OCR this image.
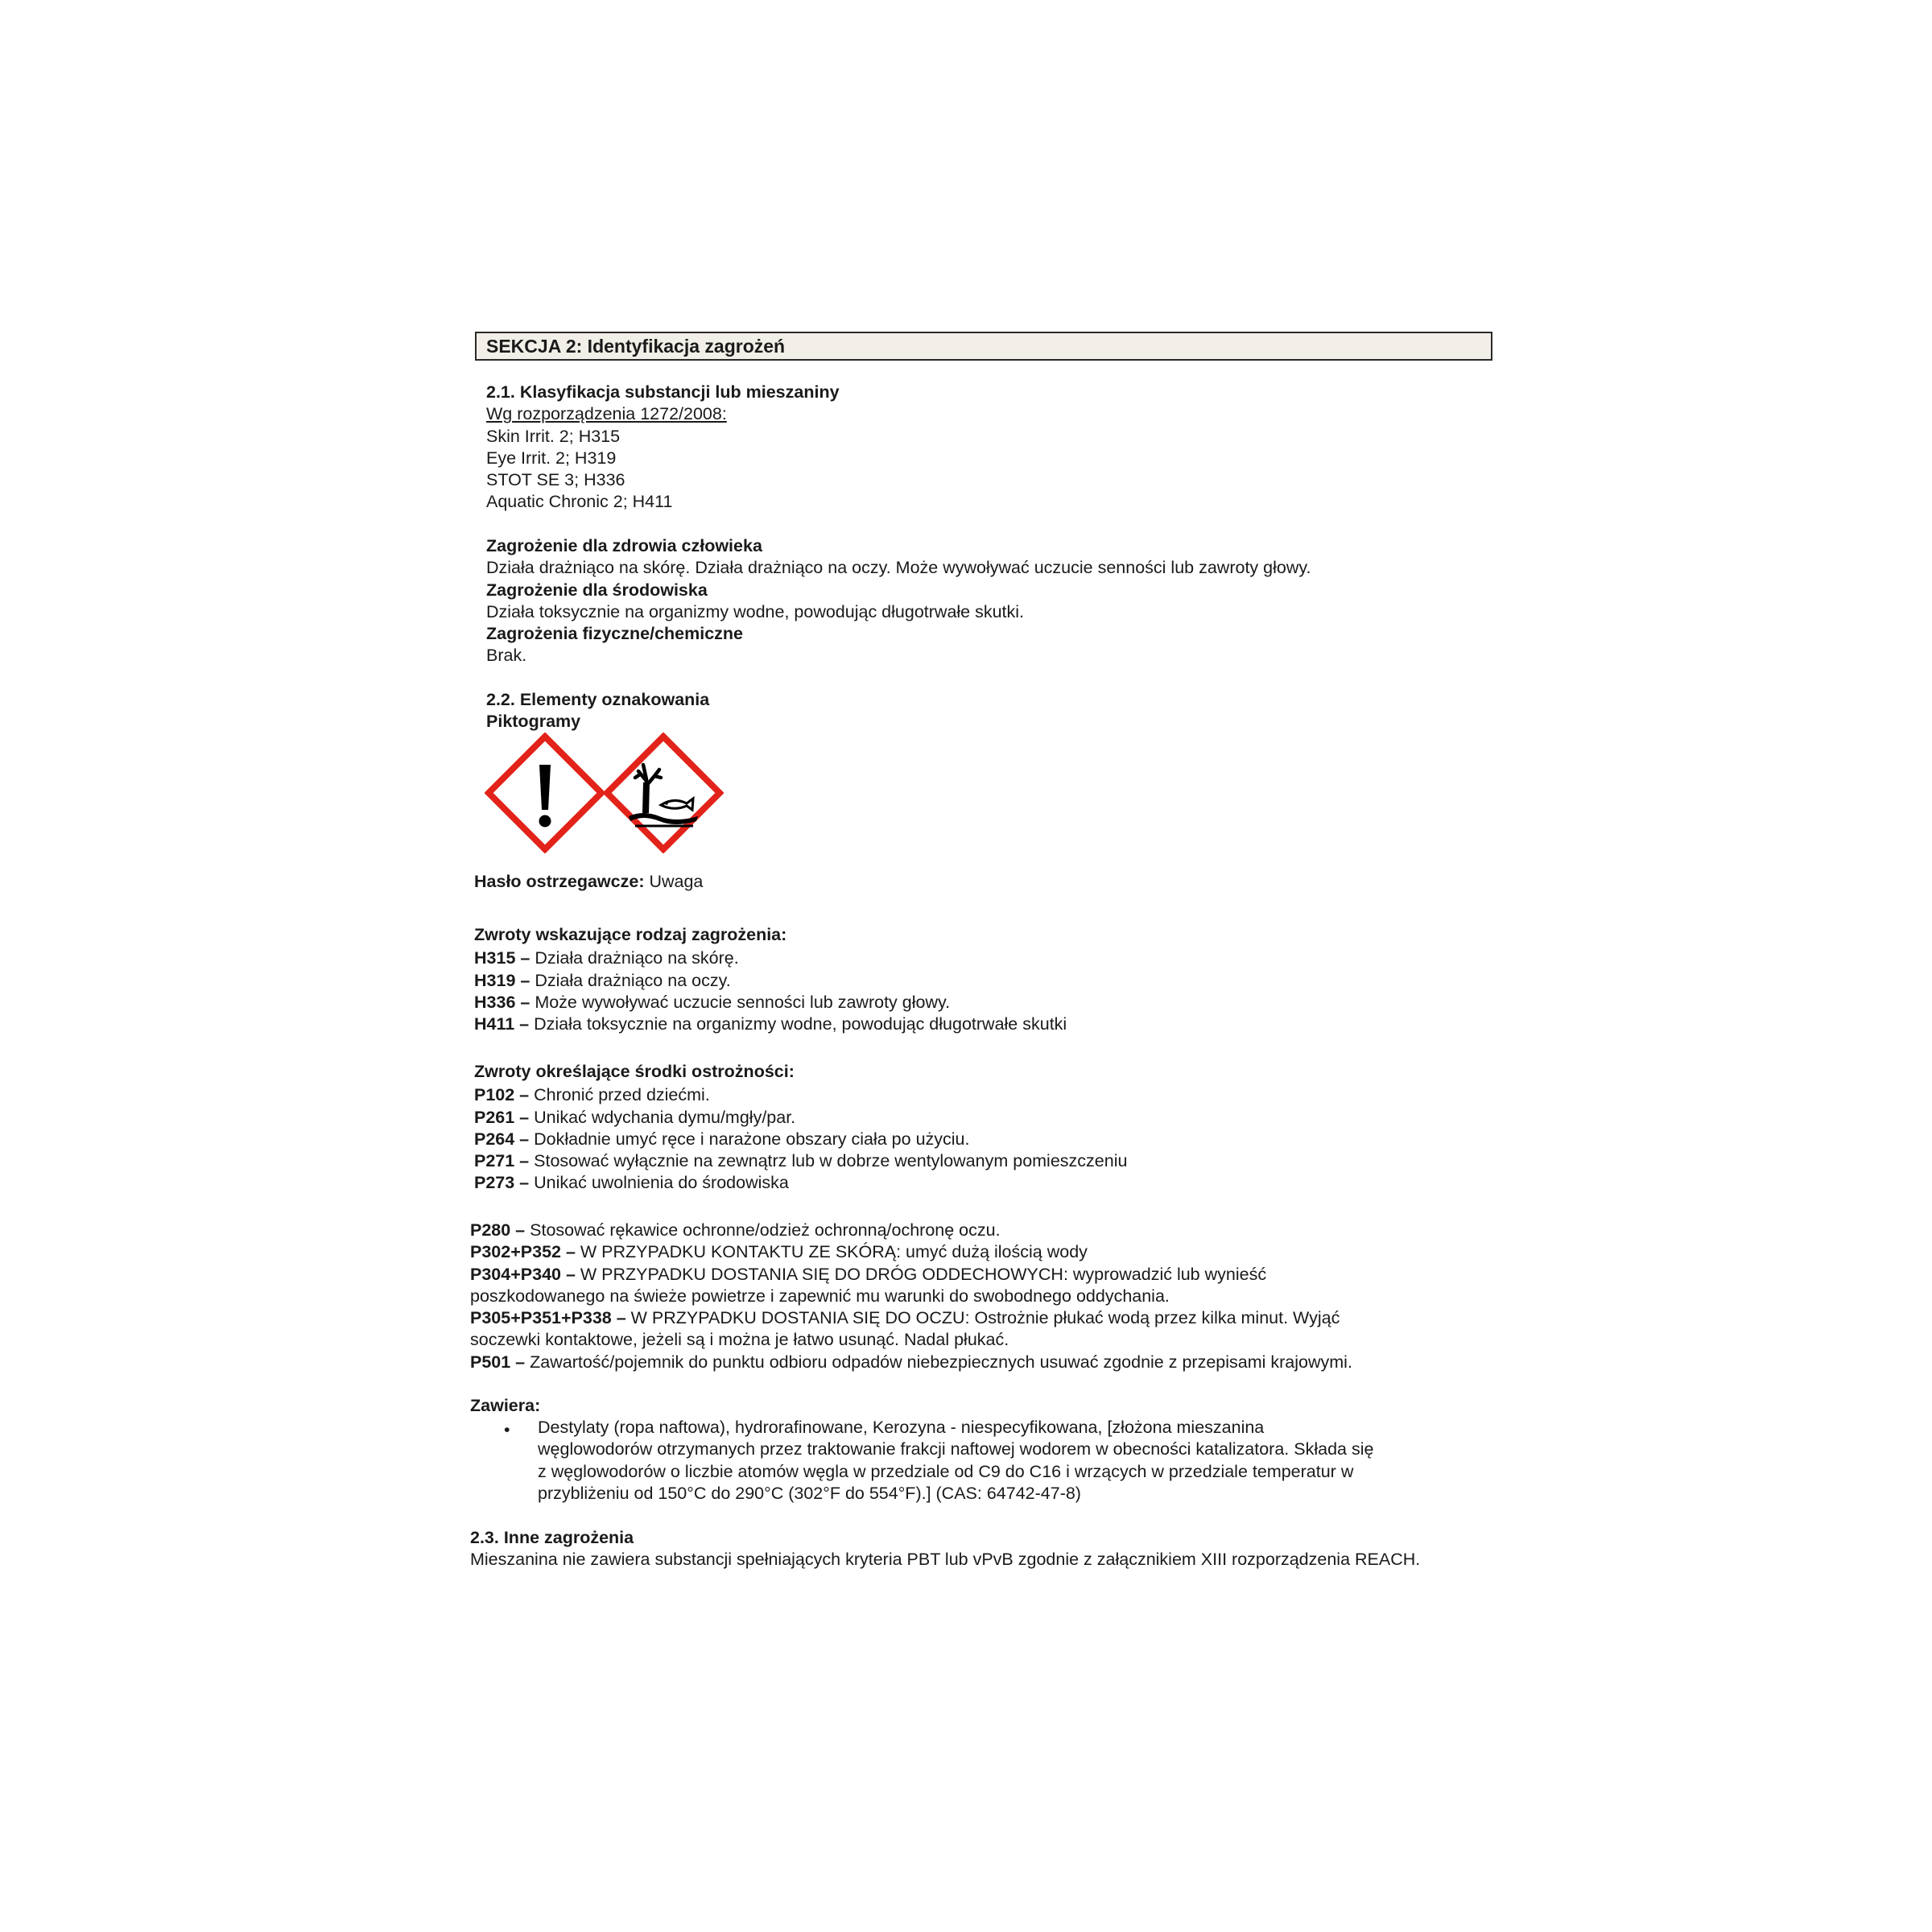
SEKCJA 2: Identyfikacja zagrożeń
2.1. Klasyfikacja substancji lub mieszaniny
Wg rozporządzenia 1272/2008:
Skin Irrit. 2; H315
Eye Irrit. 2; H319
STOT SE 3; H336
Aquatic Chronic 2; H411
Zagrożenie dla zdrowia człowieka
Działa drażniąco na skórę. Działa drażniąco na oczy. Może wywoływać uczucie senności lub zawroty głowy.
Zagrożenie dla środowiska
Działa toksycznie na organizmy wodne, powodując długotrwałe skutki.
Zagrożenia fizyczne/chemiczne
Brak.
2.2. Elementy oznakowania
Piktogramy
Hasło ostrzegawcze: Uwaga
Zwroty wskazujące rodzaj zagrożenia:
H315 – Działa drażniąco na skórę.
H319 – Działa drażniąco na oczy.
H336 – Może wywoływać uczucie senności lub zawroty głowy.
H411 – Działa toksycznie na organizmy wodne, powodując długotrwałe skutki
Zwroty określające środki ostrożności:
P102 – Chronić przed dziećmi.
P261 – Unikać wdychania dymu/mgły/par.
P264 – Dokładnie umyć ręce i narażone obszary ciała po użyciu.
P271 – Stosować wyłącznie na zewnątrz lub w dobrze wentylowanym pomieszczeniu
P273 – Unikać uwolnienia do środowiska
P280 – Stosować rękawice ochronne/odzież ochronną/ochronę oczu.
P302+P352 – W PRZYPADKU KONTAKTU ZE SKÓRĄ: umyć dużą ilością wody
P304+P340 – W PRZYPADKU DOSTANIA SIĘ DO DRÓG ODDECHOWYCH: wyprowadzić lub wynieść
poszkodowanego na świeże powietrze i zapewnić mu warunki do swobodnego oddychania.
P305+P351+P338 – W PRZYPADKU DOSTANIA SIĘ DO OCZU: Ostrożnie płukać wodą przez kilka minut. Wyjąć
soczewki kontaktowe, jeżeli są i można je łatwo usunąć. Nadal płukać.
P501 – Zawartość/pojemnik do punktu odbioru odpadów niebezpiecznych usuwać zgodnie z przepisami krajowymi.
Zawiera:
• Destylaty (ropa naftowa), hydrorafinowane, Kerozyna - niespecyfikowana, [złożona mieszanina
węglowodorów otrzymanych przez traktowanie frakcji naftowej wodorem w obecności katalizatora. Składa się
z węglowodorów o liczbie atomów węgla w przedziale od C9 do C16 i wrzących w przedziale temperatur w
przybliżeniu od 150°C do 290°C (302°F do 554°F).] (CAS: 64742-47-8)
2.3. Inne zagrożenia
Mieszanina nie zawiera substancji spełniających kryteria PBT lub vPvB zgodnie z załącznikiem XIII rozporządzenia REACH.
